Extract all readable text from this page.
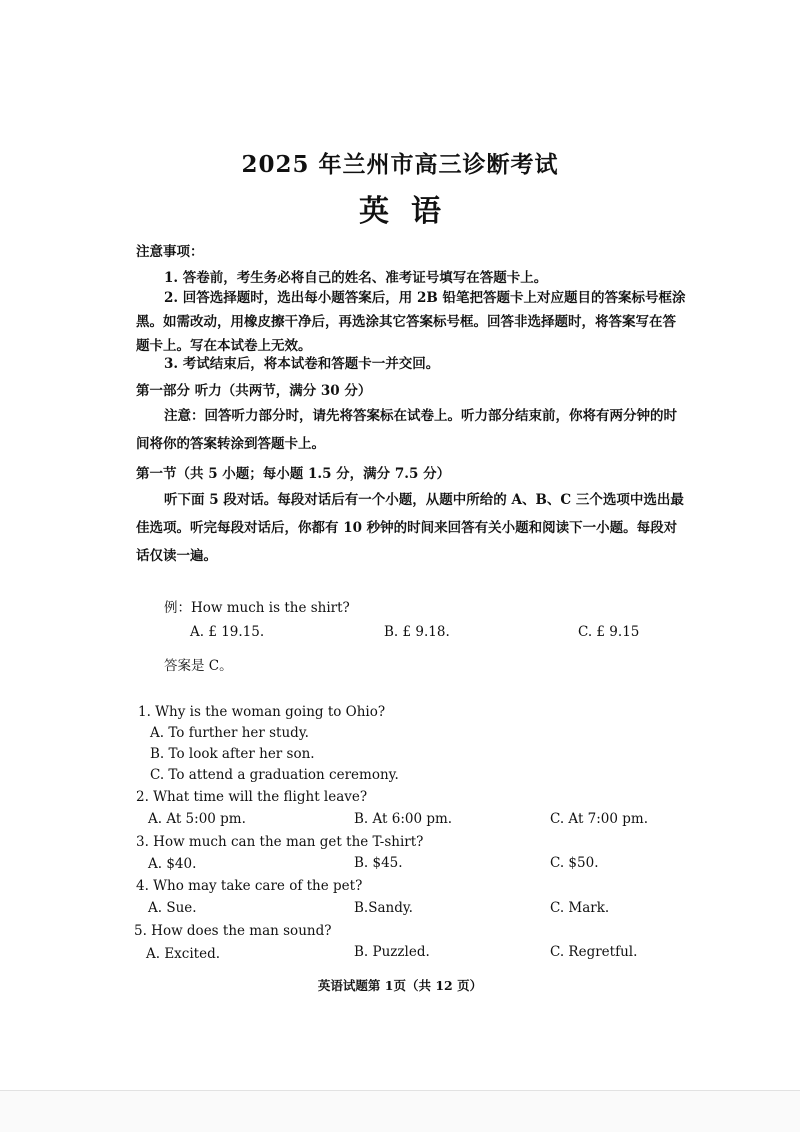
2025 年兰州市高三诊断考试
英语
注意事项：
1. 答卷前，考生务必将自己的姓名、准考证号填写在答题卡上。
2. 回答选择题时，选出每小题答案后，用 2B 铅笔把答题卡上对应题目的答案标号框涂黑。如需改动，用橡皮擦干净后，再选涂其它答案标号框。回答非选择题时，将答案写在答题卡上。写在本试卷上无效。
3. 考试结束后，将本试卷和答题卡一并交回。
第一部分 听力（共两节，满分 30 分）
注意：回答听力部分时，请先将答案标在试卷上。听力部分结束前，你将有两分钟的时间将你的答案转涂到答题卡上。
第一节（共 5 小题；每小题 1.5 分，满分 7.5 分）
听下面 5 段对话。每段对话后有一个小题，从题中所给的 A、B、C 三个选项中选出最佳选项。听完每段对话后，你都有 10 秒钟的时间来回答有关小题和阅读下一小题。每段对话仅读一遍。
例：How much is the shirt?
A. £ 19.15.	B. £ 9.18.	C. £ 9.15
答案是 C。
1. Why is the woman going to Ohio?
A. To further her study.
B. To look after her son.
C. To attend a graduation ceremony.
2. What time will the flight leave?
A. At 5:00 pm.	B. At 6:00 pm.	C. At 7:00 pm.
3. How much can the man get the T-shirt?
A. $40.	B. $45.	C. $50.
4. Who may take care of the pet?
A. Sue.	B.Sandy.	C. Mark.
5. How does the man sound?
A. Excited.	B. Puzzled.	C. Regretful.
英语试题第 1页（共 12 页）
